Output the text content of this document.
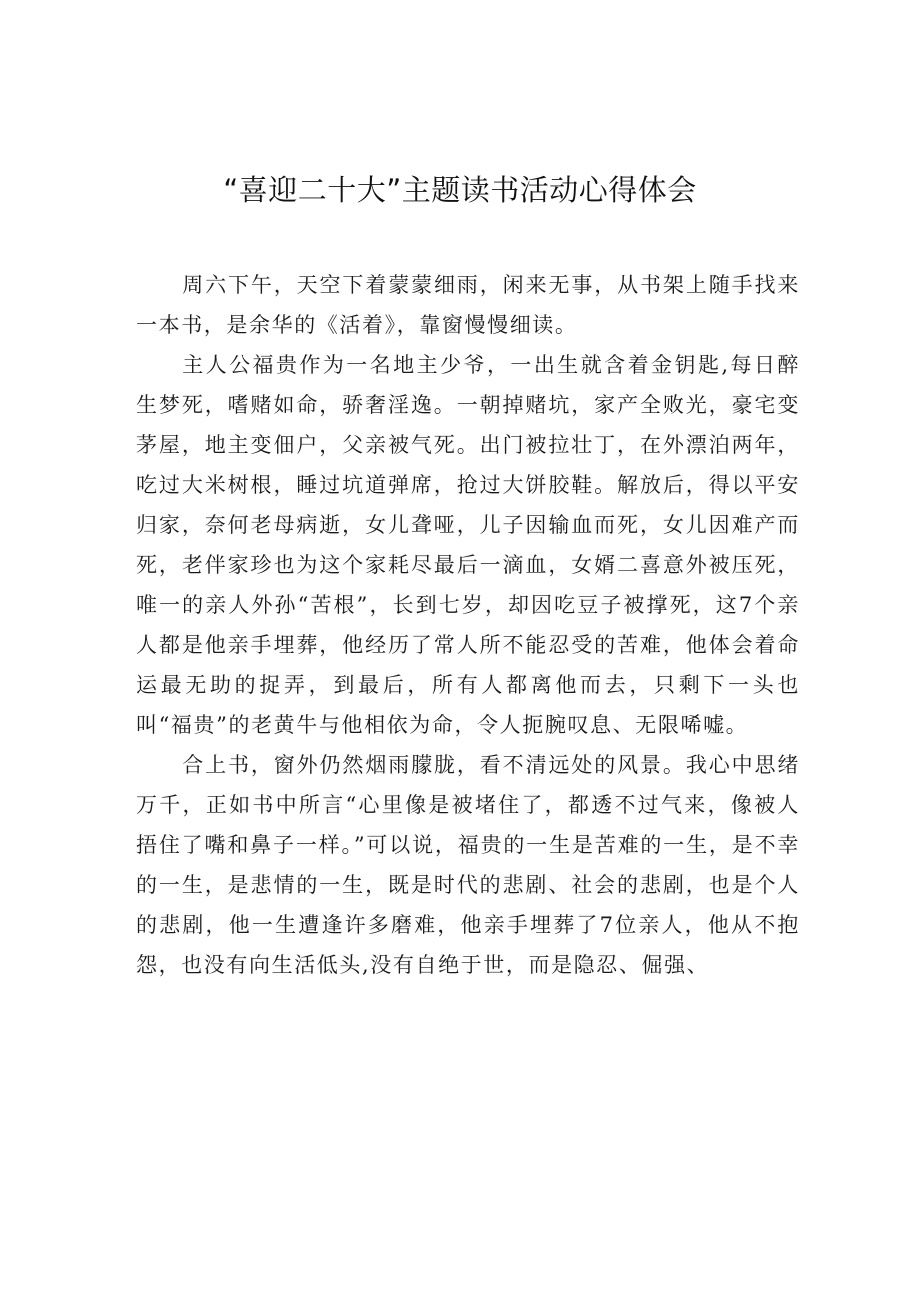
“喜迎二十大”主题读书活动心得体会

周六下午，天空下着蒙蒙细雨，闲来无事，从书架上随手找来一本书，是余华的《活着》，靠窗慢慢细读。

主人公福贵作为一名地主少爷，一出生就含着金钥匙,每日醉生梦死，嗜赌如命，骄奢淫逸。一朝掉赌坑，家产全败光，豪宅变茅屋，地主变佃户，父亲被气死。出门被拉壮丁，在外漂泊两年，吃过大米树根，睡过坑道弹席，抢过大饼胶鞋。解放后，得以平安归家，奈何老母病逝，女儿聋哑，儿子因输血而死，女儿因难产而死，老伴家珍也为这个家耗尽最后一滴血，女婿二喜意外被压死，唯一的亲人外孙“苦根”，长到七岁，却因吃豆子被撑死，这7个亲人都是他亲手埋葬，他经历了常人所不能忍受的苦难，他体会着命运最无助的捉弄，到最后，所有人都离他而去，只剩下一头也叫“福贵”的老黄牛与他相依为命，令人扼腕叹息、无限唏嘘。

合上书，窗外仍然烟雨朦胧，看不清远处的风景。我心中思绪万千，正如书中所言“心里像是被堵住了，都透不过气来，像被人捂住了嘴和鼻子一样。”可以说，福贵的一生是苦难的一生，是不幸的一生，是悲情的一生，既是时代的悲剧、社会的悲剧，也是个人的悲剧，他一生遭逢许多磨难，他亲手埋葬了7位亲人，他从不抱怨，也没有向生活低头,没有自绝于世，而是隐忍、倔强、
